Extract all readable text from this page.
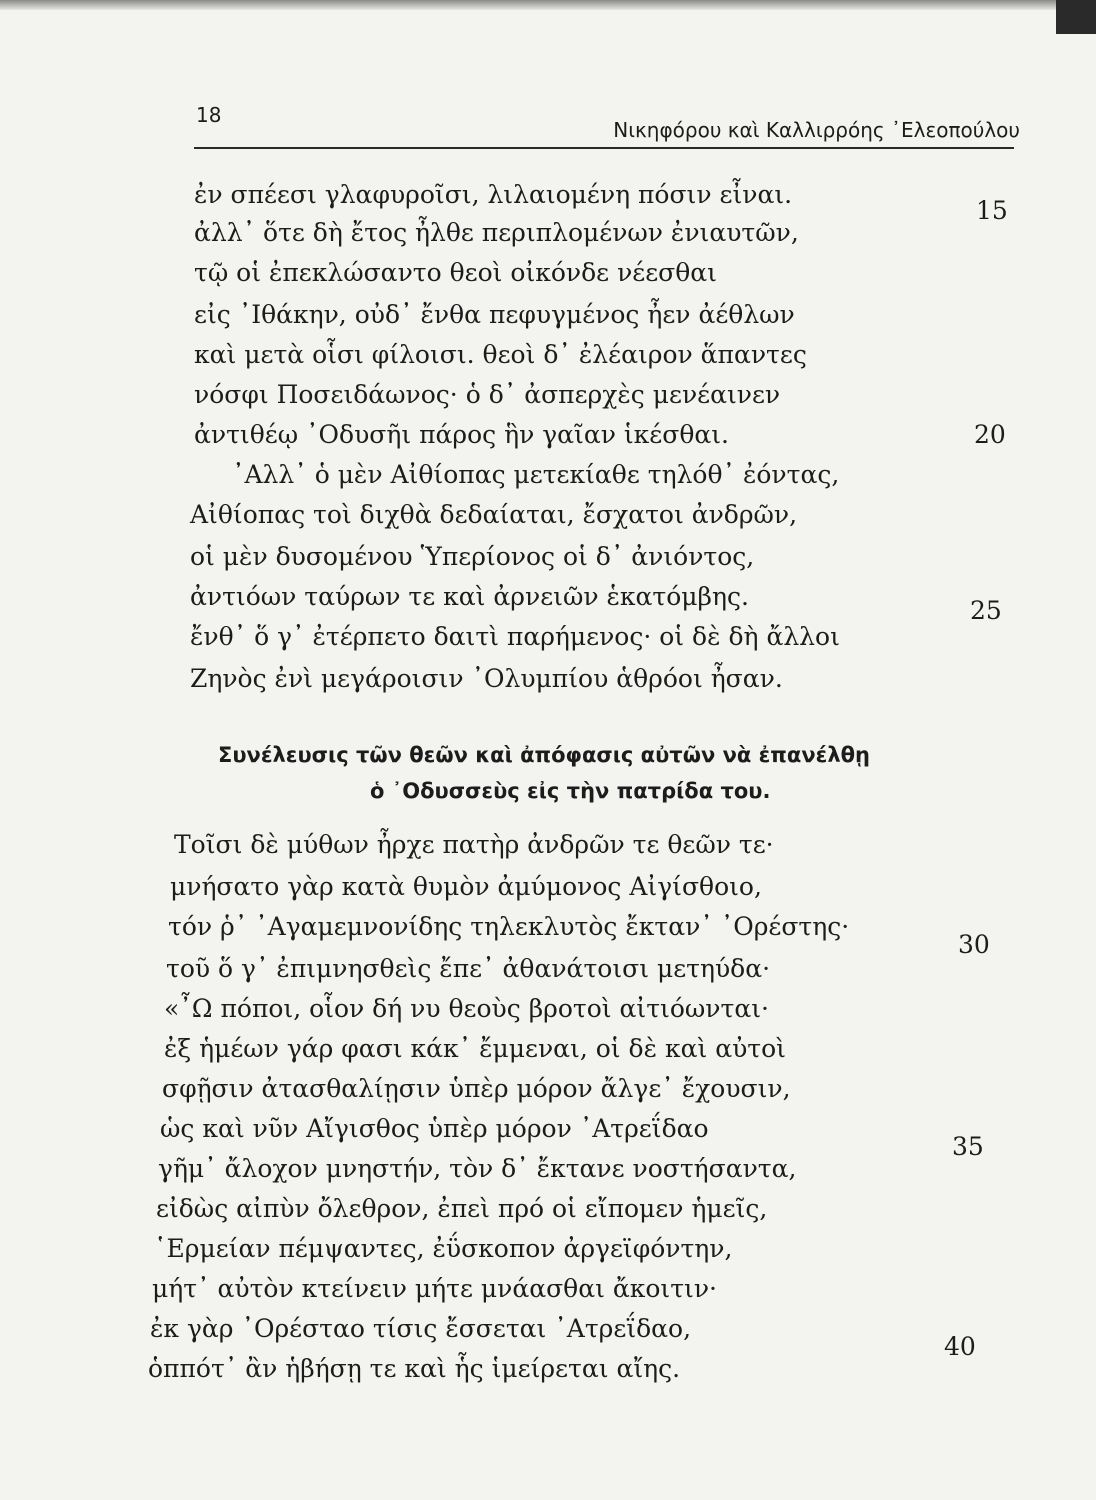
18
Νικηφόρου καὶ Καλλιρρόης ᾿Ελεοπούλου
ἐν σπέεσι γλαφυροῖσι, λιλαιομένη πόσιν εἶναι.
ἀλλ᾿ ὅτε δὴ ἔτος ἦλθε περιπλομένων ἐνιαυτῶν,
τῷ οἱ ἐπεκλώσαντο θεοὶ οἰκόνδε νέεσθαι
εἰς ᾿Ιθάκην, οὐδ᾿ ἔνθα πεφυγμένος ἦεν ἀέθλων
καὶ μετὰ οἷσι φίλοισι. θεοὶ δ᾿ ἐλέαιρον ἅπαντες
νόσφι Ποσειδάωνος· ὁ δ᾿ ἀσπερχὲς μενέαινεν
ἀντιθέῳ ᾿Οδυσῆι πάρος ἣν γαῖαν ἱκέσθαι.
᾿Αλλ᾿ ὁ μὲν Αἰθίοπας μετεκίαθε τηλόθ᾿ ἐόντας,
Αἰθίοπας τοὶ διχθὰ δεδαίαται, ἔσχατοι ἀνδρῶν,
οἱ μὲν δυσομένου Ὑπερίονος οἱ δ᾿ ἀνιόντος,
ἀντιόων ταύρων τε καὶ ἀρνειῶν ἑκατόμβης.
ἔνθ᾿ ὅ γ᾿ ἐτέρπετο δαιτὶ παρήμενος· οἱ δὲ δὴ ἄλλοι
Ζηνὸς ἐνὶ μεγάροισιν ᾿Ολυμπίου ἁθρόοι ἦσαν.
Συνέλευσις τῶν θεῶν καὶ ἀπόφασις αὐτῶν νὰ ἐπανέλθῃ
ὁ ᾿Οδυσσεὺς εἰς τὴν πατρίδα του.
Τοῖσι δὲ μύθων ἦρχε πατὴρ ἀνδρῶν τε θεῶν τε·
μνήσατο γὰρ κατὰ θυμὸν ἀμύμονος Αἰγίσθοιο,
τόν ῥ᾿ ᾿Αγαμεμνονίδης τηλεκλυτὸς ἔκταν᾿ ᾿Ορέστης·
τοῦ ὅ γ᾿ ἐπιμνησθεὶς ἔπε᾿ ἀθανάτοισι μετηύδα·
«῏Ω πόποι, οἷον δή νυ θεοὺς βροτοὶ αἰτιόωνται·
ἐξ ἡμέων γάρ φασι κάκ᾿ ἔμμεναι, οἱ δὲ καὶ αὐτοὶ
σφῇσιν ἀτασθαλίῃσιν ὑπὲρ μόρον ἄλγε᾿ ἔχουσιν,
ὡς καὶ νῦν Αἴγισθος ὑπὲρ μόρον ᾿Ατρεΐδαο
γῆμ᾿ ἄλοχον μνηστήν, τὸν δ᾿ ἔκτανε νοστήσαντα,
εἰδὼς αἰπὺν ὄλεθρον, ἐπεὶ πρό οἱ εἴπομεν ἡμεῖς,
῾Ερμείαν πέμψαντες, ἐΰσκοπον ἀργεϊφόντην,
μήτ᾿ αὐτὸν κτείνειν μήτε μνάασθαι ἄκοιτιν·
ἐκ γὰρ ᾿Ορέσταο τίσις ἔσσεται ᾿Ατρεΐδαο,
ὁππότ᾿ ἂν ἡβήσῃ τε καὶ ἧς ἱμείρεται αἴης.
15
20
25
30
35
40
